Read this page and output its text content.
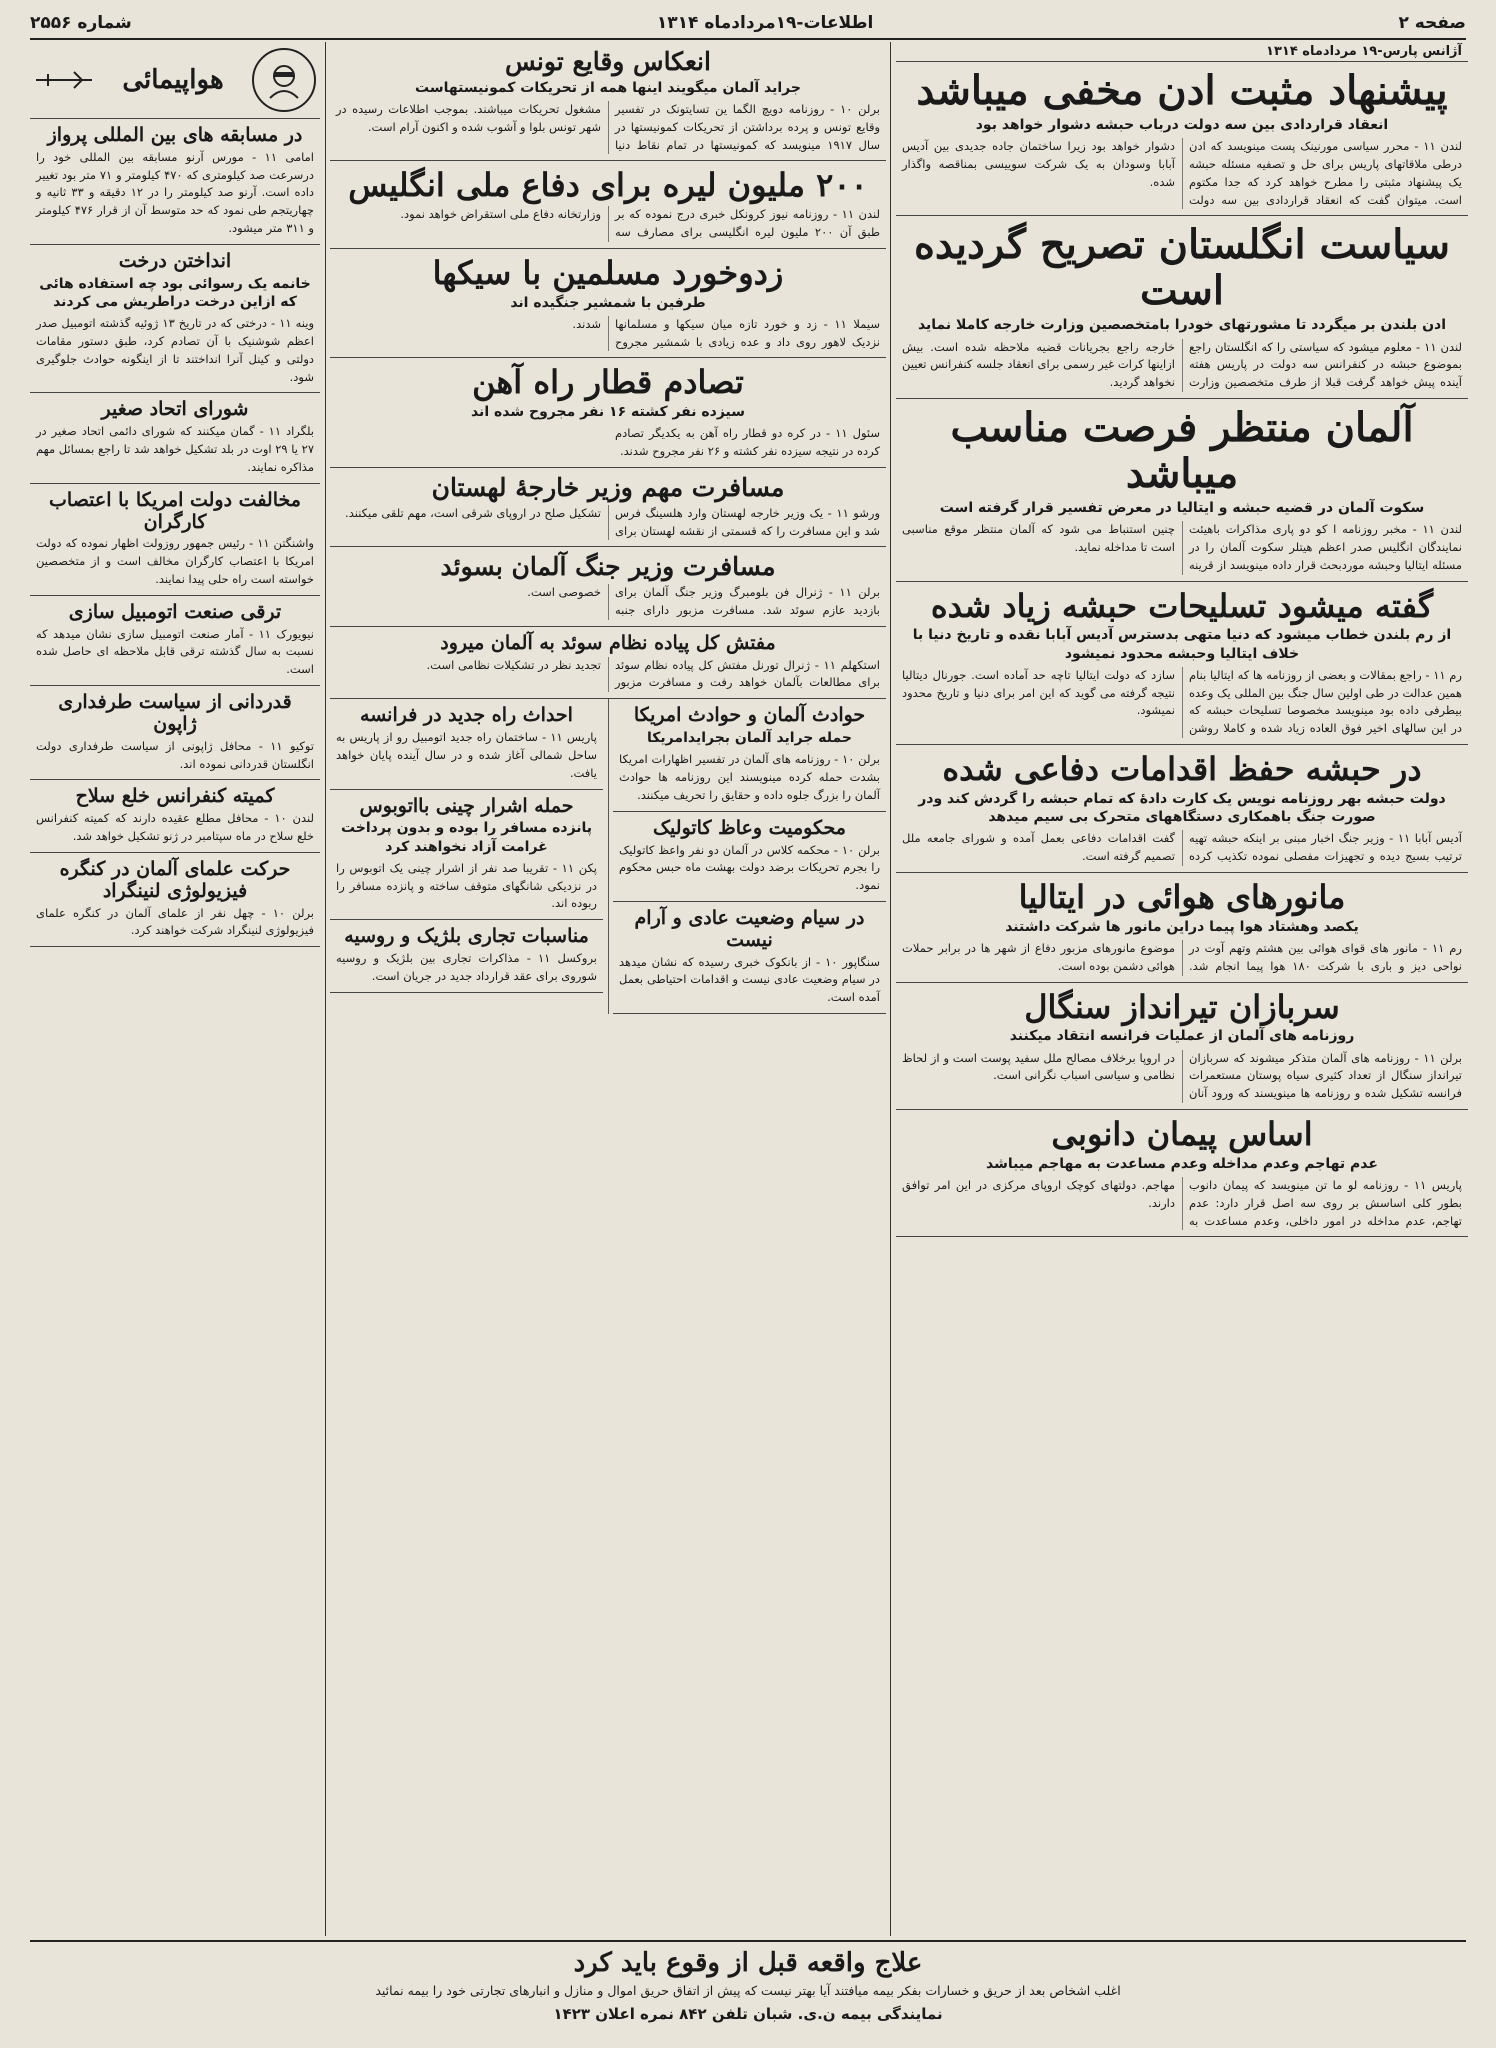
شماره ۲۵۵۶	اطلاعات-۱۹مردادماه ۱۳۱۴	صفحه ۲
آژانس پارس-۱۹ مردادماه ۱۳۱۴
پیشنهاد مثبت ادن مخفی میباشد
انعقاد قراردادی بین سه دولت درباب حبشه دشوار خواهد بود
لندن ۱۱ - محرر سیاسی مورنینک پست مینویسد که ادن درطی ملاقاتهای پاریس برای حل و تصفیه مسئله حبشه یک پیشنهاد مثبتی را مطرح خواهد کرد که جدا مکتوم است. میتوان گفت که انعقاد قراردادی بین سه دولت دشوار خواهد بود زیرا ساختمان جاده جدیدی بین آدیس آبابا وسودان به یک شرکت سوییسی بمناقصه واگذار شده.
سیاست انگلستان تصریح گردیده است
ادن بلندن بر میگردد تا مشورتهای خودرا بامتخصصین وزارت خارجه کاملا نماید
لندن ۱۱ - معلوم میشود که سیاستی را که انگلستان راجع بموضوع حبشه در کنفرانس سه دولت در پاریس هفته آینده پیش خواهد گرفت قبلا از طرف متخصصین وزارت خارجه راجع بجریانات قضیه ملاحظه شده است. بیش ازاینها کرات غیر رسمی برای انعقاد جلسه کنفرانس تعیین نخواهد گردید.
آلمان منتظر فرصت مناسب میباشد
سکوت آلمان در قضیه حبشه و ایتالیا در معرض تفسیر قرار گرفته است
لندن ۱۱ - مخبر روزنامه ا کو دو پاری مذاکرات باهیئت نمایندگان انگلیس صدر اعظم هیتلر سکوت آلمان را در مسئله ایتالیا وحبشه موردبحث قرار داده مینویسد از قرینه چنین استنباط می شود که آلمان منتظر موقع مناسبی است تا مداخله نماید.
گفته میشود تسلیحات حبشه زیاد شده
از رم بلندن خطاب میشود که دنیا متهی بدسترس آدیس آبابا نقده و تاریخ دنیا با خلاف ایتالیا وحبشه محدود نمیشود
رم ۱۱ - راجع بمقالات و بعضی از روزنامه ها که ایتالیا بنام همین عدالت در طی اولین سال جنگ بین المللی یک وعده بیطرفی داده بود مینویسد مخصوصا تسلیحات حبشه که در این سالهای اخیر فوق العاده زیاد شده و کاملا روشن سازد که دولت ایتالیا تاچه حد آماده است. جورنال دیتالیا نتیجه گرفته می گوید که این امر برای دنیا و تاریخ محدود نمیشود.
در حبشه حفظ اقدامات دفاعی شده
دولت حبشه بهر روزنامه نویس یک کارت دادهٔ که تمام حبشه را گردش کند ودر صورت جنگ باهمکاری دستگاههای متحرک بی سیم میدهد
آدیس آبابا ۱۱ - وزیر جنگ اخبار مبنی بر اینکه حبشه تهیه ترتیب بسیج دیده و تجهیزات مفصلی نموده تکذیب کرده گفت اقدامات دفاعی بعمل آمده و شورای جامعه ملل تصمیم گرفته است.
مانورهای هوائی در ایتالیا
یکصد وهشتاد هوا پیما دراین مانور ها شرکت داشتند
رم ۱۱ - مانور های قوای هوائی بین هشتم وتهم آوت در نواحی دیز و باری با شرکت ۱۸۰ هوا پیما انجام شد. موضوع مانورهای مزبور دفاع از شهر ها در برابر حملات هوائی دشمن بوده است.
سربازان تیرانداز سنگال
روزنامه های آلمان از عملیات فرانسه انتقاد میکنند
برلن ۱۱ - روزنامه های آلمان متذکر میشوند که سربازان تیرانداز سنگال از تعداد کثیری سیاه پوستان مستعمرات فرانسه تشکیل شده و روزنامه ها مینویسند که ورود آنان در اروپا برخلاف مصالح ملل سفید پوست است و از لحاظ نظامی و سیاسی اسباب نگرانی است.
اساس پیمان دانوبی
عدم تهاجم وعدم مداخله وعدم مساعدت به مهاجم میباشد
پاریس ۱۱ - روزنامه لو ما تن مینویسد که پیمان دانوب بطور کلی اساسش بر روی سه اصل قرار دارد: عدم تهاجم، عدم مداخله در امور داخلی، وعدم مساعدت به مهاجم. دولتهای کوچک اروپای مرکزی در این امر توافق دارند.
انعکاس وقایع تونس
جراید آلمان میگویند اینها همه از تحریکات کمونیستهاست
برلن ۱۰ - روزنامه دویچ الگما ین تسایتونک در تفسیر وقایع تونس و پرده برداشتن از تحریکات کمونیستها در سال ۱۹۱۷ مینویسد که کمونیستها در تمام نقاط دنیا مشغول تحریکات میباشند. بموجب اطلاعات رسیده در شهر تونس بلوا و آشوب شده و اکنون آرام است.
۲۰۰ ملیون لیره برای دفاع ملی انگلیس
لندن ۱۱ - روزنامه نیوز کرونکل خبری درج نموده که بر طبق آن ۲۰۰ ملیون لیره انگلیسی برای مصارف سه وزارتخانه دفاع ملی استقراض خواهد نمود.
زدوخورد مسلمین با سیکها
طرفین با شمشیر جنگیده اند
سیملا ۱۱ - زد و خورد تازه میان سیکها و مسلمانها نزدیک لاهور روی داد و عده زیادی با شمشیر مجروح شدند.
تصادم قطار راه آهن
سیزده نفر کشته ۱۶ نفر مجروح شده اند
سئول ۱۱ - در کره دو قطار راه آهن به یکدیگر تصادم کرده در نتیجه سیزده نفر کشته و ۲۶ نفر مجروح شدند.
مسافرت مهم وزیر خارجهٔ لهستان
ورشو ۱۱ - یک وزیر خارجه لهستان وارد هلسینگ فرس شد و این مسافرت را که قسمتی از نقشه لهستان برای تشکیل صلح در اروپای شرقی است، مهم تلقی میکنند.
مسافرت وزیر جنگ آلمان بسوئد
برلن ۱۱ - ژنرال فن بلومبرگ وزیر جنگ آلمان برای بازدید عازم سوئد شد. مسافرت مزبور دارای جنبه خصوصی است.
مفتش کل پیاده نظام سوئد به آلمان میرود
استکهلم ۱۱ - ژنرال تورنل مفتش کل پیاده نظام سوئد برای مطالعات بآلمان خواهد رفت و مسافرت مزبور تجدید نظر در تشکیلات نظامی است.
حوادث آلمان و حوادث امریکا
حمله جراید آلمان بجرایدامریکا
برلن ۱۰ - روزنامه های آلمان در تفسیر اظهارات امریکا بشدت حمله کرده مینویسند این روزنامه ها حوادث آلمان را بزرگ جلوه داده و حقایق را تحریف میکنند.
محکومیت وعاظ کاتولیک
برلن ۱۰ - محکمه کلاس در آلمان دو نفر واعظ کاتولیک را بجرم تحریکات برضد دولت بهشت ماه حبس محکوم نمود.
در سیام وضعیت عادی و آرام نیست
سنگاپور ۱۰ - از بانکوک خبری رسیده که نشان میدهد در سیام وضعیت عادی نیست و اقدامات احتیاطی بعمل آمده است.
احداث راه جدید در فرانسه
پاریس ۱۱ - ساختمان راه جدید اتومبیل رو از پاریس به ساحل شمالی آغاز شده و در سال آینده پایان خواهد یافت.
حمله اشرار چینی بااتوبوس
پانزده مسافر را بوده و بدون پرداخت غرامت آزاد نخواهند کرد
پکن ۱۱ - تقریبا صد نفر از اشرار چینی یک اتوبوس را در نزدیکی شانگهای متوقف ساخته و پانزده مسافر را ربوده اند.
مناسبات تجاری بلژیک و روسیه
بروکسل ۱۱ - مذاکرات تجاری بین بلژیک و روسیه شوروی برای عقد قرارداد جدید در جریان است.
هواپیمائی
در مسابقه های بین المللی پرواز
امامی ۱۱ - مورس آرنو مسابقه بین المللی خود را درسرعت صد کیلومتری که ۴۷۰ کیلومتر و ۷۱ متر بود تغییر داده است. آرنو صد کیلومتر را در ۱۲ دقیقه و ۳۳ ثانیه و چهاریتجم طی نمود که حد متوسط آن از قرار ۴۷۶ کیلومتر و ۳۱۱ متر میشود.
انداختن درخت
خانمه یک رسوائی بود چه استفاده هائی که ازاین درخت دراطریش می کردند
وینه ۱۱ - درختی که در تاریخ ۱۳ ژوئیه گذشته اتومبیل صدر اعظم شوشنیک با آن تصادم کرد، طبق دستور مقامات دولتی و کینل آنرا انداختند تا از اینگونه حوادث جلوگیری شود.
شورای اتحاد صغیر
بلگراد ۱۱ - گمان میکنند که شورای دائمی اتحاد صغیر در ۲۷ یا ۲۹ اوت در بلد تشکیل خواهد شد تا راجع بمسائل مهم مذاکره نمایند.
مخالفت دولت امریکا با اعتصاب کارگران
واشنگتن ۱۱ - رئیس جمهور روزولت اظهار نموده که دولت امریکا با اعتصاب کارگران مخالف است و از متخصصین خواسته است راه حلی پیدا نمایند.
ترقی صنعت اتومبیل سازی
نیویورک ۱۱ - آمار صنعت اتومبیل سازی نشان میدهد که نسبت به سال گذشته ترقی قابل ملاحظه ای حاصل شده است.
قدردانی از سیاست طرفداری ژاپون
توکیو ۱۱ - محافل ژاپونی از سیاست طرفداری دولت انگلستان قدردانی نموده اند.
کمیته کنفرانس خلع سلاح
لندن ۱۰ - محافل مطلع عقیده دارند که کمیته کنفرانس خلع سلاح در ماه سپتامبر در ژنو تشکیل خواهد شد.
حرکت علمای آلمان در کنگره فیزیولوژی لنینگراد
برلن ۱۰ - چهل نفر از علمای آلمان در کنگره علمای فیزیولوژی لنینگراد شرکت خواهند کرد.
علاج واقعه قبل از وقوع باید کرد
اغلب اشخاص بعد از حریق و خسارات بفکر بیمه میافتند آیا بهتر نیست که پیش از اتفاق حریق اموال و منازل و انبارهای تجارتی خود را بیمه نمائید
نمایندگی بیمه ن.ی. شبان تلفن ۸۴۲ نمره اعلان ۱۴۲۳
